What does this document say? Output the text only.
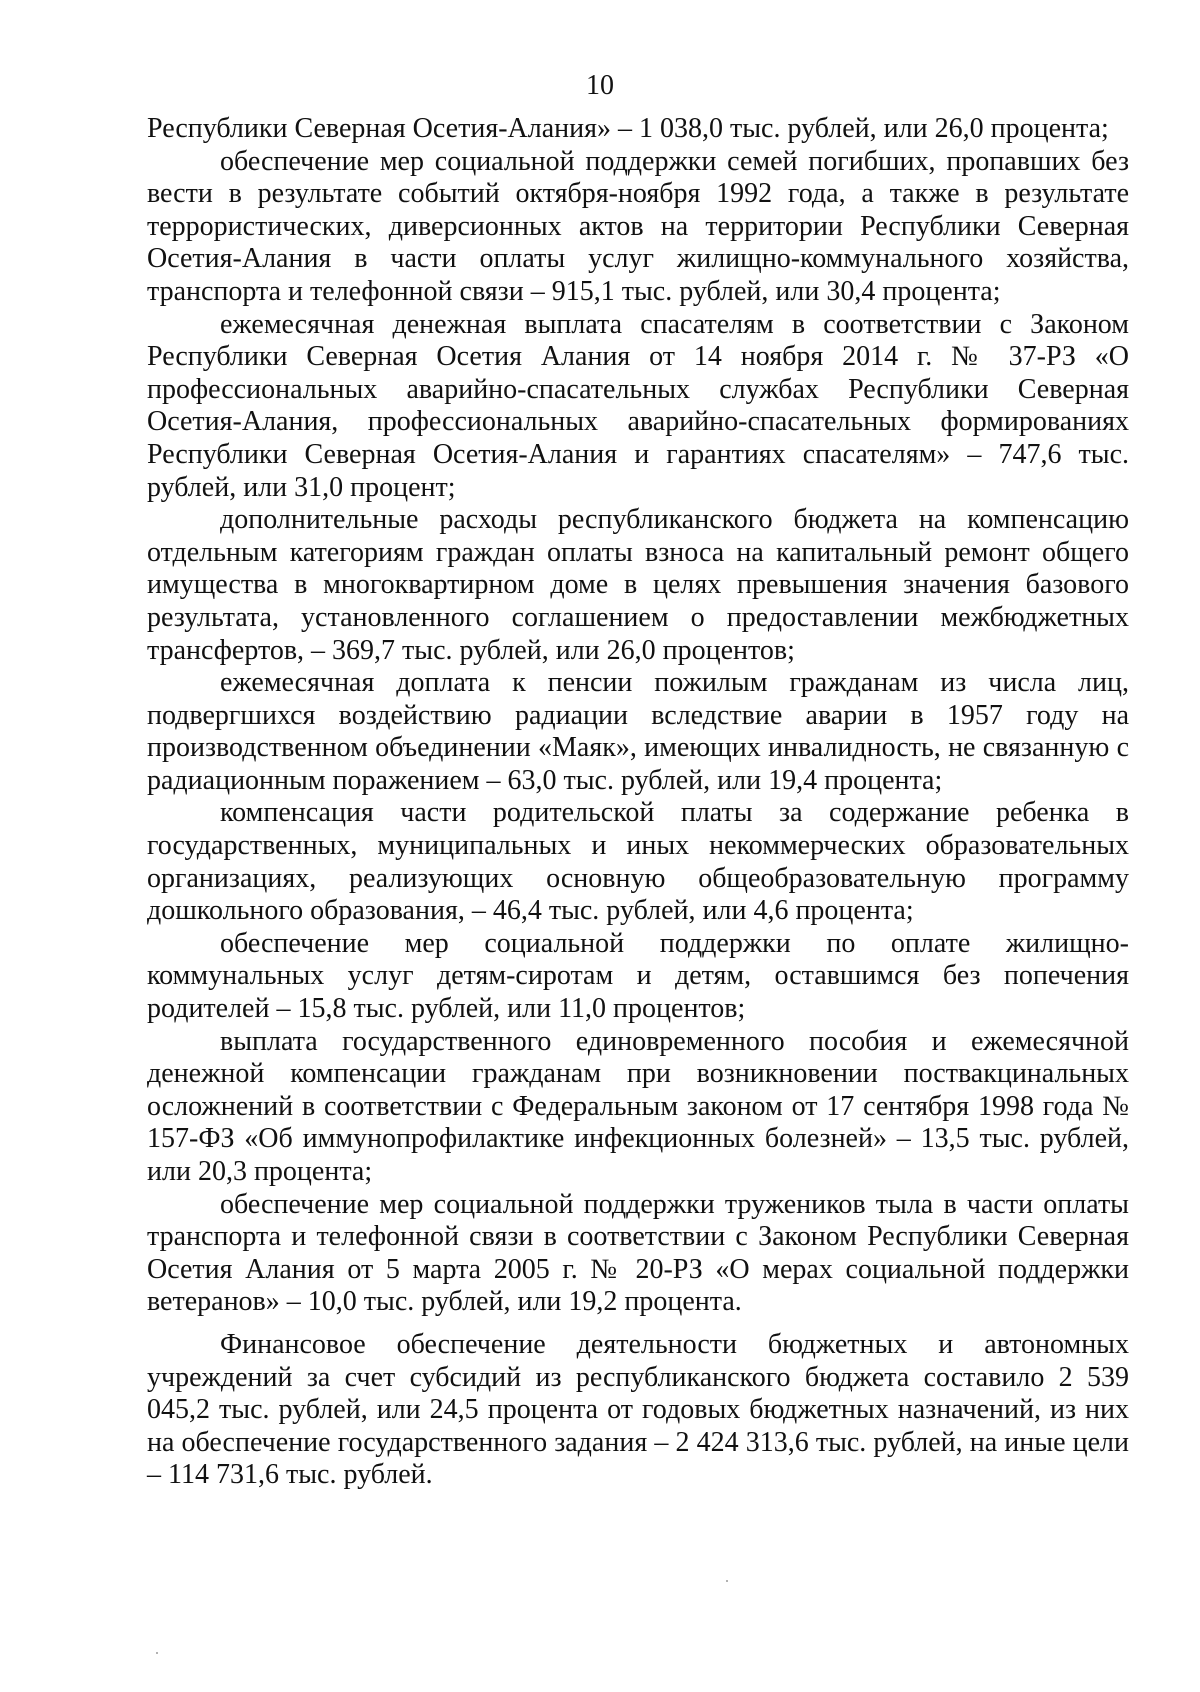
10

Республики Северная Осетия-Алания» – 1 038,0 тыс. рублей, или 26,0 процента;

обеспечение мер социальной поддержки семей погибших, пропавших без вести в результате событий октября-ноября 1992 года, а также в результате террористических, диверсионных актов на территории Республики Северная Осетия-Алания в части оплаты услуг жилищно-коммунального хозяйства, транспорта и телефонной связи – 915,1 тыс. рублей, или 30,4 процента;

ежемесячная денежная выплата спасателям в соответствии с Законом Республики Северная Осетия Алания от 14 ноября 2014 г. № 37-РЗ «О профессиональных аварийно-спасательных службах Республики Северная Осетия-Алания, профессиональных аварийно-спасательных формированиях Республики Северная Осетия-Алания и гарантиях спасателям» – 747,6 тыс. рублей, или 31,0 процент;

дополнительные расходы республиканского бюджета на компенсацию отдельным категориям граждан оплаты взноса на капитальный ремонт общего имущества в многоквартирном доме в целях превышения значения базового результата, установленного соглашением о предоставлении межбюджетных трансфертов, – 369,7 тыс. рублей, или 26,0 процентов;

ежемесячная доплата к пенсии пожилым гражданам из числа лиц, подвергшихся воздействию радиации вследствие аварии в 1957 году на производственном объединении «Маяк», имеющих инвалидность, не связанную с радиационным поражением – 63,0 тыс. рублей, или 19,4 процента;

компенсация части родительской платы за содержание ребенка в государственных, муниципальных и иных некоммерческих образовательных организациях, реализующих основную общеобразовательную программу дошкольного образования, – 46,4 тыс. рублей, или 4,6 процента;

обеспечение мер социальной поддержки по оплате жилищно-коммунальных услуг детям-сиротам и детям, оставшимся без попечения родителей – 15,8 тыс. рублей, или 11,0 процентов;

выплата государственного единовременного пособия и ежемесячной денежной компенсации гражданам при возникновении поствакцинальных осложнений в соответствии с Федеральным законом от 17 сентября 1998 года № 157-ФЗ «Об иммунопрофилактике инфекционных болезней» – 13,5 тыс. рублей, или 20,3 процента;

обеспечение мер социальной поддержки тружеников тыла в части оплаты транспорта и телефонной связи в соответствии с Законом Республики Северная Осетия Алания от 5 марта 2005 г. № 20-РЗ «О мерах социальной поддержки ветеранов» – 10,0 тыс. рублей, или 19,2 процента.

Финансовое обеспечение деятельности бюджетных и автономных учреждений за счет субсидий из республиканского бюджета составило 2 539 045,2 тыс. рублей, или 24,5 процента от годовых бюджетных назначений, из них на обеспечение государственного задания – 2 424 313,6 тыс. рублей, на иные цели – 114 731,6 тыс. рублей.
